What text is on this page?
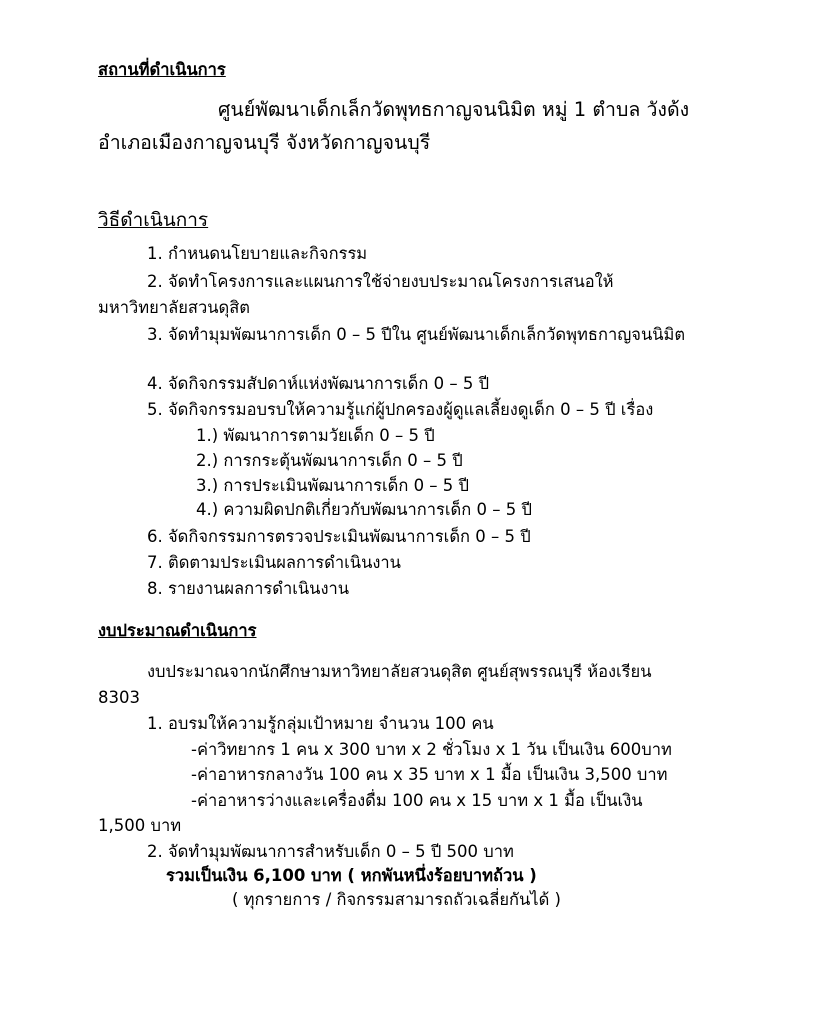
สถานที่ดำเนินการ
ศูนย์พัฒนาเด็กเล็กวัดพุทธกาญจนนิมิต หมู่ 1 ตำบล วังด้ง
อำเภอเมืองกาญจนบุรี จังหวัดกาญจนบุรี
วิธีดำเนินการ
1. กำหนดนโยบายและกิจกรรม
2. จัดทำโครงการและแผนการใช้จ่ายงบประมาณโครงการเสนอให้
มหาวิทยาลัยสวนดุสิต
3. จัดทำมุมพัฒนาการเด็ก 0 – 5 ปีใน ศูนย์พัฒนาเด็กเล็กวัดพุทธกาญจนนิมิต
4. จัดกิจกรรมสัปดาห์แห่งพัฒนาการเด็ก 0 – 5 ปี
5. จัดกิจกรรมอบรบให้ความรู้แก่ผู้ปกครองผู้ดูแลเลี้ยงดูเด็ก 0 – 5 ปี เรื่อง
1.) พัฒนาการตามวัยเด็ก 0 – 5 ปี
2.) การกระตุ้นพัฒนาการเด็ก 0 – 5 ปี
3.) การประเมินพัฒนาการเด็ก 0 – 5 ปี
4.) ความผิดปกติเกี่ยวกับพัฒนาการเด็ก 0 – 5 ปี
6. จัดกิจกรรมการตรวจประเมินพัฒนาการเด็ก 0 – 5 ปี
7. ติดตามประเมินผลการดำเนินงาน
8. รายงานผลการดำเนินงาน
งบประมาณดำเนินการ
งบประมาณจากนักศึกษามหาวิทยาลัยสวนดุสิต ศูนย์สุพรรณบุรี ห้องเรียน
8303
1. อบรมให้ความรู้กลุ่มเป้าหมาย จำนวน 100 คน
-ค่าวิทยากร 1 คน x 300 บาท x 2 ชั่วโมง x 1 วัน เป็นเงิน 600บาท
-ค่าอาหารกลางวัน 100 คน x 35 บาท x 1 มื้อ เป็นเงิน 3,500 บาท
-ค่าอาหารว่างและเครื่องดื่ม 100 คน x 15 บาท x 1 มื้อ เป็นเงิน
1,500 บาท
2. จัดทำมุมพัฒนาการสำหรับเด็ก 0 – 5 ปี 500 บาท
รวมเป็นเงิน 6,100 บาท ( หกพันหนึ่งร้อยบาทถ้วน )
( ทุกรายการ / กิจกรรมสามารถถัวเฉลี่ยกันได้ )
